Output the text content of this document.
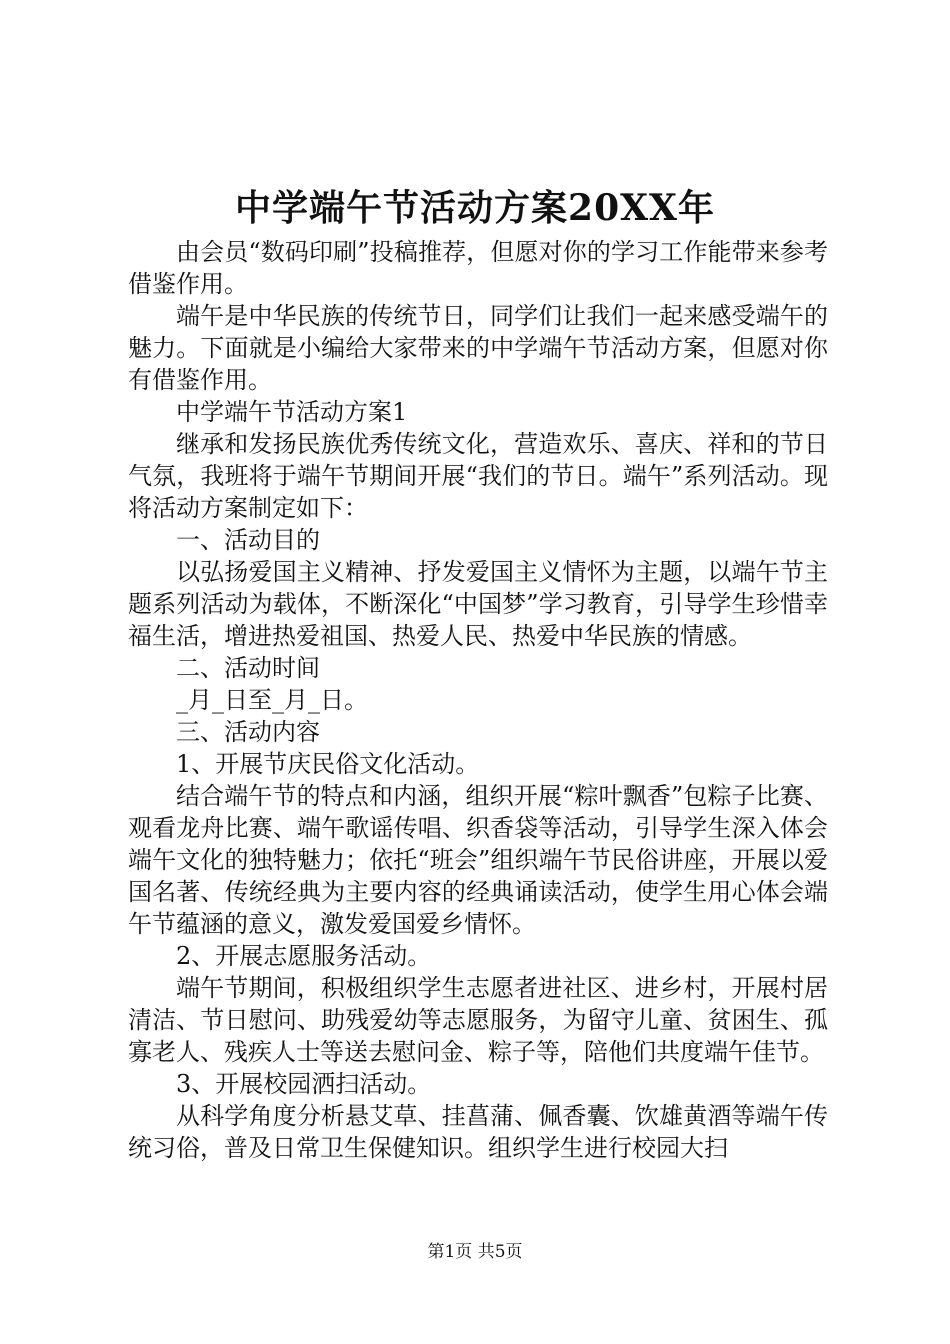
中学端午节活动方案20XX年

由会员“数码印刷”投稿推荐，但愿对你的学习工作能带来参考借鉴作用。

端午是中华民族的传统节日，同学们让我们一起来感受端午的魅力。下面就是小编给大家带来的中学端午节活动方案，但愿对你有借鉴作用。

中学端午节活动方案1

继承和发扬民族优秀传统文化，营造欢乐、喜庆、祥和的节日气氛，我班将于端午节期间开展“我们的节日。端午”系列活动。现将活动方案制定如下：

一、活动目的

以弘扬爱国主义精神、抒发爱国主义情怀为主题，以端午节主题系列活动为载体，不断深化“中国梦”学习教育，引导学生珍惜幸福生活，增进热爱祖国、热爱人民、热爱中华民族的情感。

二、活动时间

_月_日至_月_日。

三、活动内容

1、开展节庆民俗文化活动。

结合端午节的特点和内涵，组织开展“粽叶飘香”包粽子比赛、观看龙舟比赛、端午歌谣传唱、织香袋等活动，引导学生深入体会端午文化的独特魅力；依托“班会”组织端午节民俗讲座，开展以爱国名著、传统经典为主要内容的经典诵读活动，使学生用心体会端午节蕴涵的意义，激发爱国爱乡情怀。

2、开展志愿服务活动。

端午节期间，积极组织学生志愿者进社区、进乡村，开展村居清洁、节日慰问、助残爱幼等志愿服务，为留守儿童、贫困生、孤寡老人、残疾人士等送去慰问金、粽子等，陪他们共度端午佳节。

3、开展校园洒扫活动。

从科学角度分析悬艾草、挂菖蒲、佩香囊、饮雄黄酒等端午传统习俗，普及日常卫生保健知识。组织学生进行校园大扫

第1页 共5页
